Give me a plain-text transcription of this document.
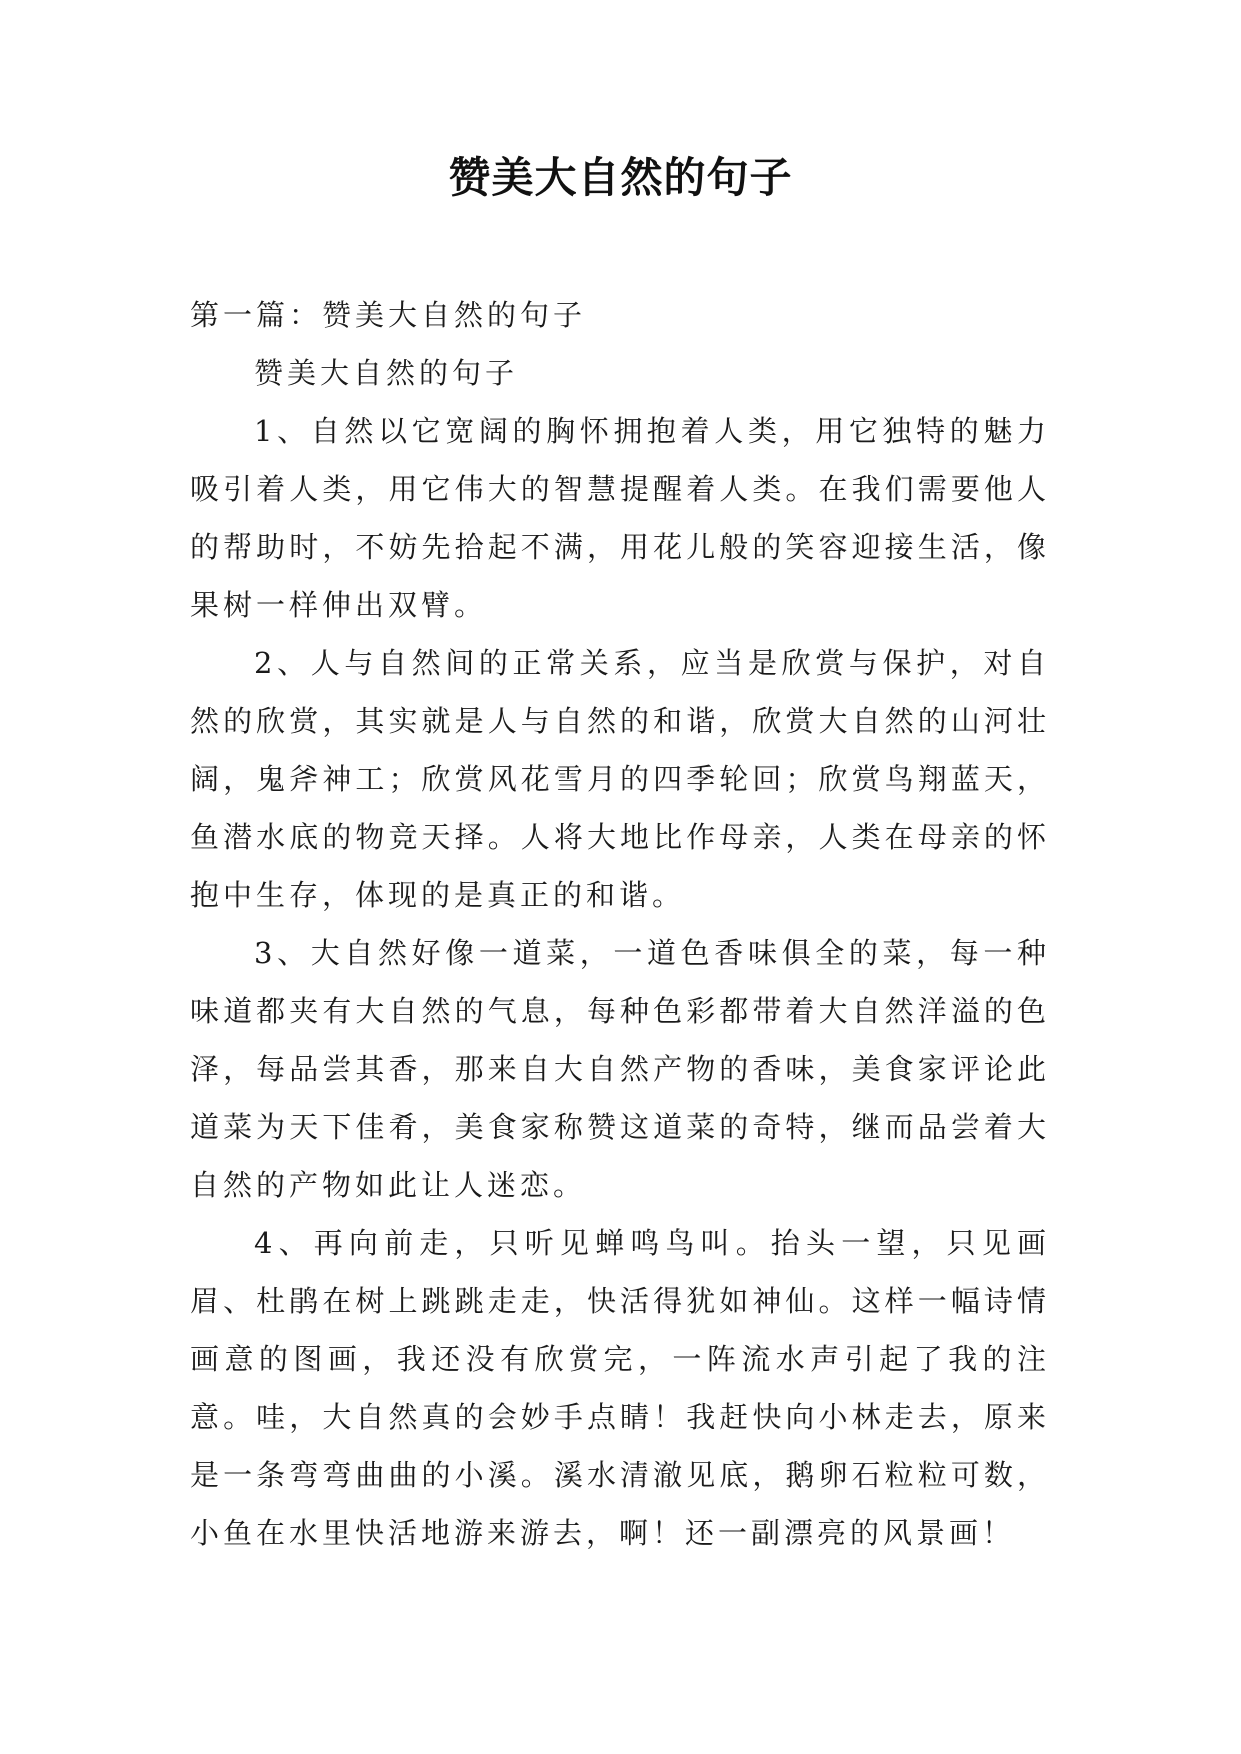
赞美大自然的句子

第一篇：赞美大自然的句子

赞美大自然的句子

1、自然以它宽阔的胸怀拥抱着人类，用它独特的魅力吸引着人类，用它伟大的智慧提醒着人类。在我们需要他人的帮助时，不妨先拾起不满，用花儿般的笑容迎接生活，像果树一样伸出双臂。

2、人与自然间的正常关系，应当是欣赏与保护，对自然的欣赏，其实就是人与自然的和谐，欣赏大自然的山河壮阔，鬼斧神工；欣赏风花雪月的四季轮回；欣赏鸟翔蓝天，鱼潜水底的物竞天择。人将大地比作母亲，人类在母亲的怀抱中生存，体现的是真正的和谐。

3、大自然好像一道菜，一道色香味俱全的菜，每一种味道都夹有大自然的气息，每种色彩都带着大自然洋溢的色泽，每品尝其香，那来自大自然产物的香味，美食家评论此道菜为天下佳肴，美食家称赞这道菜的奇特，继而品尝着大自然的产物如此让人迷恋。

4、再向前走，只听见蝉鸣鸟叫。抬头一望，只见画眉、杜鹃在树上跳跳走走，快活得犹如神仙。这样一幅诗情画意的图画，我还没有欣赏完，一阵流水声引起了我的注意。哇，大自然真的会妙手点睛！我赶快向小林走去，原来是一条弯弯曲曲的小溪。溪水清澈见底，鹅卵石粒粒可数，小鱼在水里快活地游来游去，啊！还一副漂亮的风景画！
